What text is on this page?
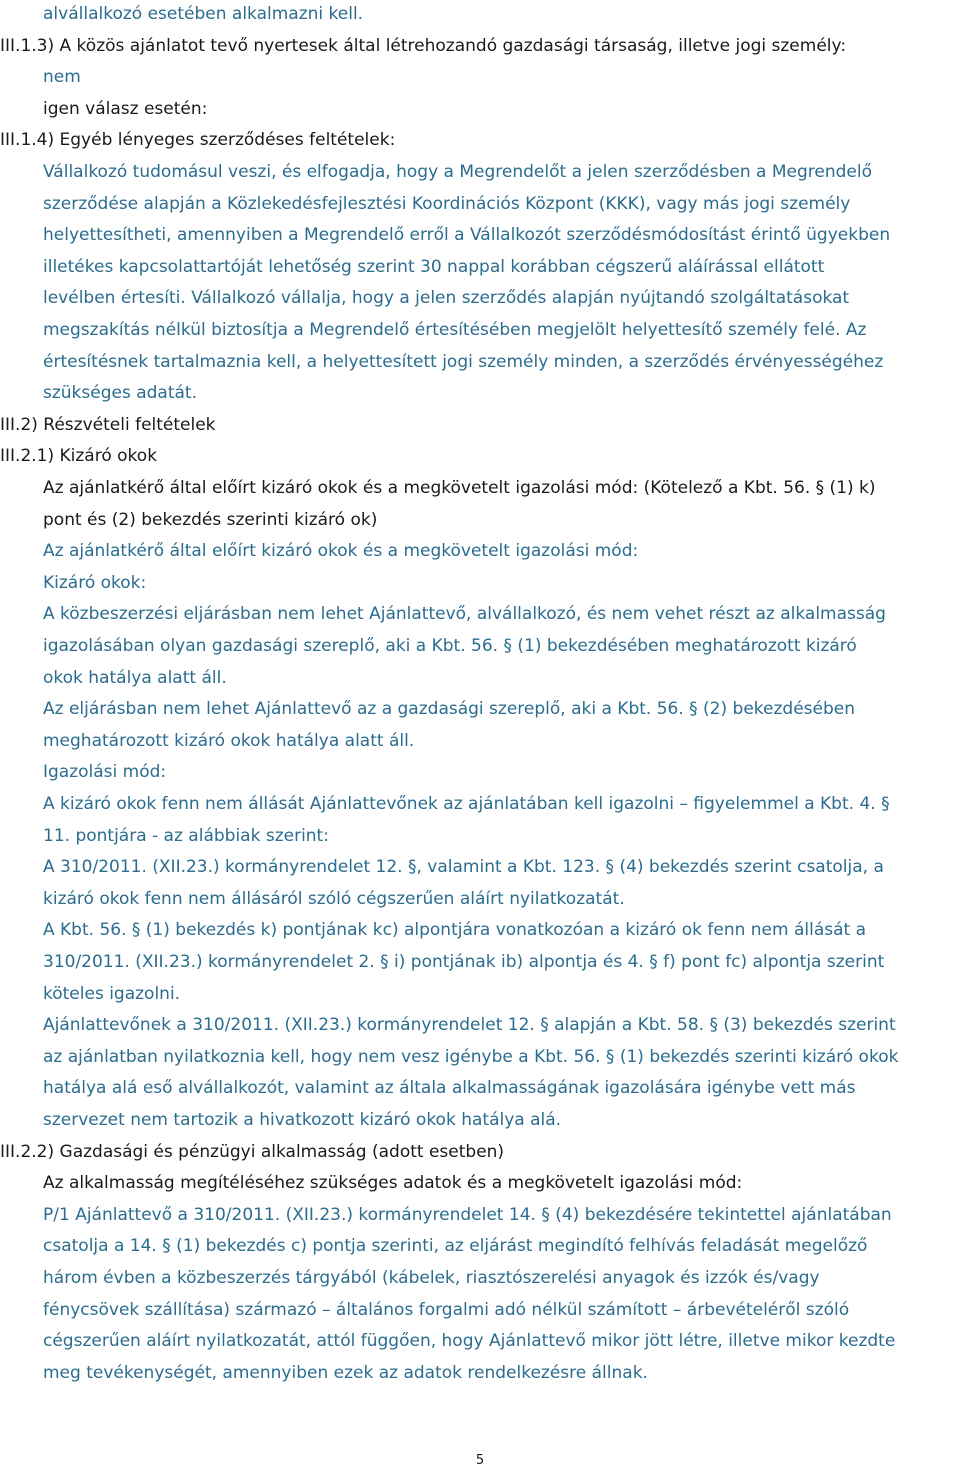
alvállalkozó esetében alkalmazni kell.
III.1.3) A közös ajánlatot tevő nyertesek által létrehozandó gazdasági társaság, illetve jogi személy:
nem
igen válasz esetén:
III.1.4) Egyéb lényeges szerződéses feltételek:
Vállalkozó tudomásul veszi, és elfogadja, hogy a Megrendelőt a jelen szerződésben a Megrendelő
szerződése alapján a Közlekedésfejlesztési Koordinációs Központ (KKK), vagy más jogi személy
helyettesítheti, amennyiben a Megrendelő erről a Vállalkozót szerződésmódosítást érintő ügyekben
illetékes kapcsolattartóját lehetőség szerint 30 nappal korábban cégszerű aláírással ellátott
levélben értesíti. Vállalkozó vállalja, hogy a jelen szerződés alapján nyújtandó szolgáltatásokat
megszakítás nélkül biztosítja a Megrendelő értesítésében megjelölt helyettesítő személy felé. Az
értesítésnek tartalmaznia kell, a helyettesített jogi személy minden, a szerződés érvényességéhez
szükséges adatát.
III.2) Részvételi feltételek
III.2.1) Kizáró okok
Az ajánlatkérő által előírt kizáró okok és a megkövetelt igazolási mód: (Kötelező a Kbt. 56. § (1) k)
pont és (2) bekezdés szerinti kizáró ok)
Az ajánlatkérő által előírt kizáró okok és a megkövetelt igazolási mód:
Kizáró okok:
A közbeszerzési eljárásban nem lehet Ajánlattevő, alvállalkozó, és nem vehet részt az alkalmasság
igazolásában olyan gazdasági szereplő, aki a Kbt. 56. § (1) bekezdésében meghatározott kizáró
okok hatálya alatt áll.
Az eljárásban nem lehet Ajánlattevő az a gazdasági szereplő, aki a Kbt. 56. § (2) bekezdésében
meghatározott kizáró okok hatálya alatt áll.
Igazolási mód:
A kizáró okok fenn nem állását Ajánlattevőnek az ajánlatában kell igazolni – figyelemmel a Kbt. 4. §
11. pontjára - az alábbiak szerint:
A 310/2011. (XII.23.) kormányrendelet 12. §, valamint a Kbt. 123. § (4) bekezdés szerint csatolja, a
kizáró okok fenn nem állásáról szóló cégszerűen aláírt nyilatkozatát.
A Kbt. 56. § (1) bekezdés k) pontjának kc) alpontjára vonatkozóan a kizáró ok fenn nem állását a
310/2011. (XII.23.) kormányrendelet 2. § i) pontjának ib) alpontja és 4. § f) pont fc) alpontja szerint
köteles igazolni.
Ajánlattevőnek a 310/2011. (XII.23.) kormányrendelet 12. § alapján a Kbt. 58. § (3) bekezdés szerint
az ajánlatban nyilatkoznia kell, hogy nem vesz igénybe a Kbt. 56. § (1) bekezdés szerinti kizáró okok
hatálya alá eső alvállalkozót, valamint az általa alkalmasságának igazolására igénybe vett más
szervezet nem tartozik a hivatkozott kizáró okok hatálya alá.
III.2.2) Gazdasági és pénzügyi alkalmasság (adott esetben)
Az alkalmasság megítéléséhez szükséges adatok és a megkövetelt igazolási mód:
P/1 Ajánlattevő a 310/2011. (XII.23.) kormányrendelet 14. § (4) bekezdésére tekintettel ajánlatában
csatolja a 14. § (1) bekezdés c) pontja szerinti, az eljárást megindító felhívás feladását megelőző
három évben a közbeszerzés tárgyából (kábelek, riasztószerelési anyagok és izzók és/vagy
fénycsövek szállítása) származó – általános forgalmi adó nélkül számított – árbevételéről szóló
cégszerűen aláírt nyilatkozatát, attól függően, hogy Ajánlattevő mikor jött létre, illetve mikor kezdte
meg tevékenységét, amennyiben ezek az adatok rendelkezésre állnak.
5
